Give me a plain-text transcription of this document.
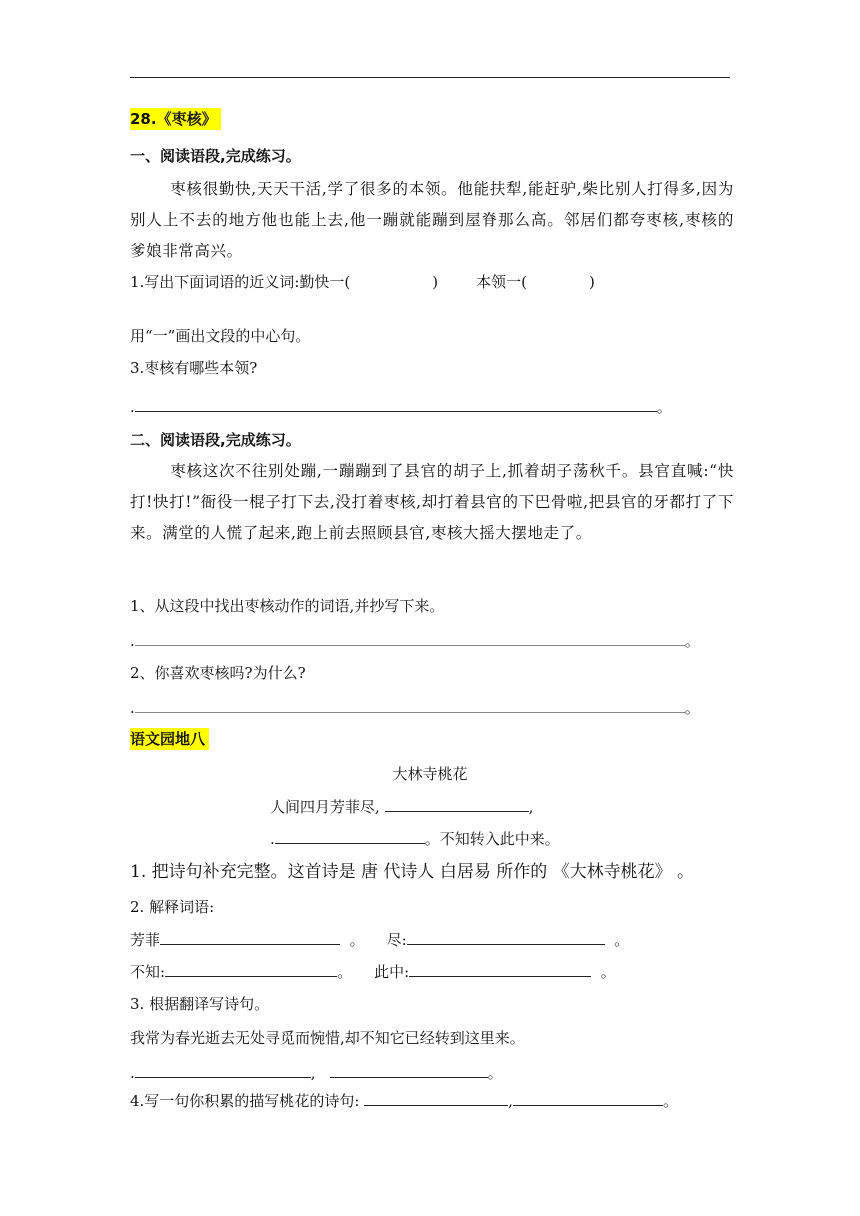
28.《枣核》
一、阅读语段,完成练习。

枣核很勤快,天天干活,学了很多的本领。他能扶犁,能赶驴,柴比别人打得多,因为别人上不去的地方他也能上去,他一蹦就能蹦到屋脊那么高。邻居们都夸枣核,枣核的爹娘非常高兴。

1.写出下面词语的近义词:勤快一(	)	本领一(	)
用“一”画出文段的中心句。
3.枣核有哪些本领?
.	。
二、阅读语段,完成练习。

枣核这次不往别处蹦,一蹦蹦到了县官的胡子上,抓着胡子荡秋千。县官直喊:“快打!快打!”衙役一棍子打下去,没打着枣核,却打着县官的下巴骨啦,把县官的牙都打了下来。满堂的人慌了起来,跑上前去照顾县官,枣核大摇大摆地走了。

1、从这段中找出枣核动作的词语,并抄写下来。
.	。
2、你喜欢枣核吗?为什么?
.	。
语文园地八
大林寺桃花
人间四月芳菲尽,	,
.	。不知转入此中来。
1. 把诗句补充完整。这首诗是 唐 代诗人 白居易 所作的 《大林寺桃花》 。
2. 解释词语:
芳菲	。 尽:	。
不知:	。 此中:	。
3. 根据翻译写诗句。
我常为春光逝去无处寻觅而惋惜,却不知它已经转到这里来。
.	,	。
4.写一句你积累的描写桃花的诗句:	,	。
